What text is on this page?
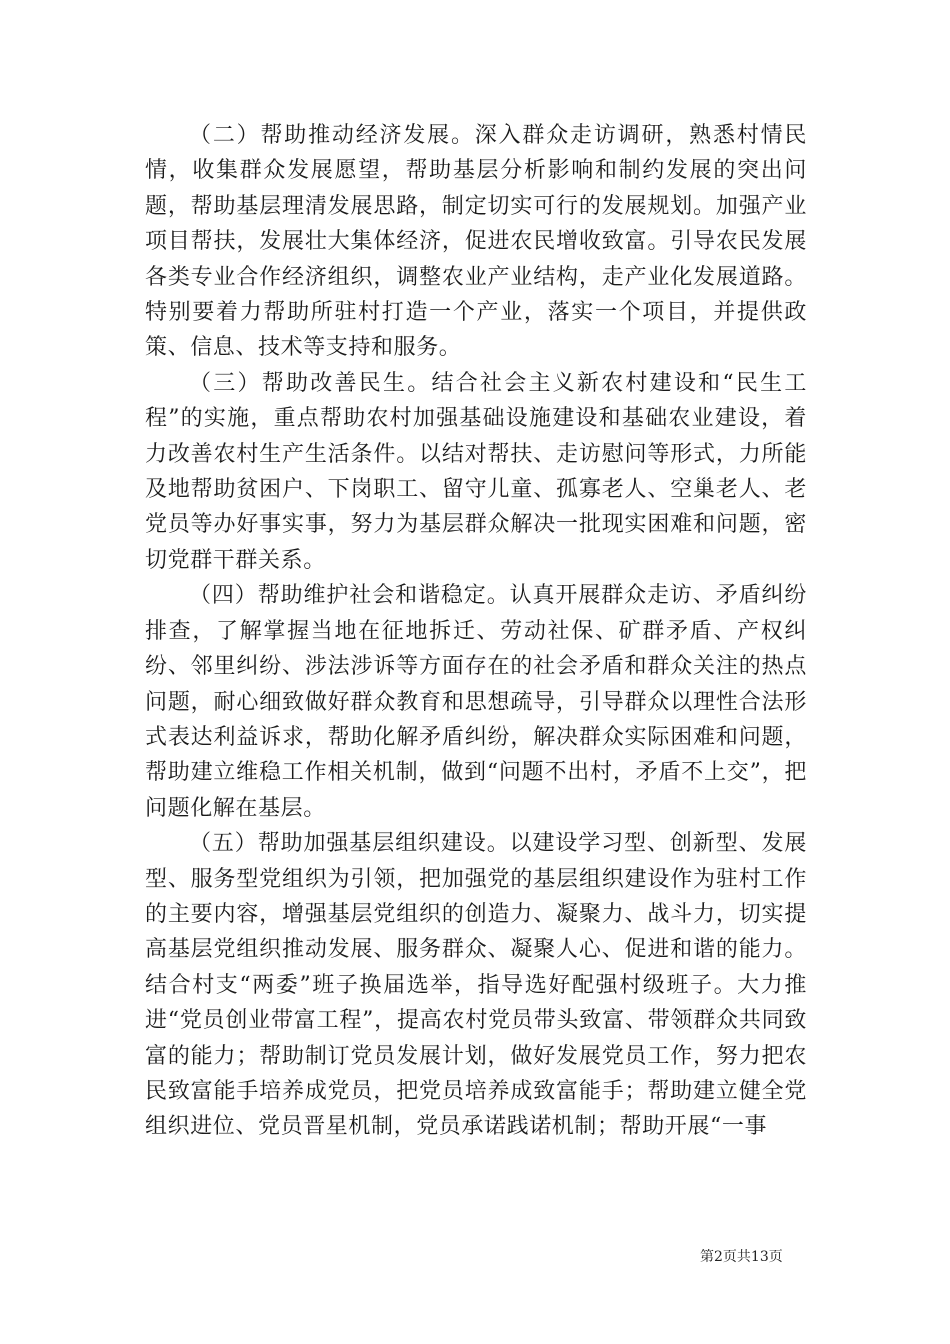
（二）帮助推动经济发展。深入群众走访调研，熟悉村情民情，收集群众发展愿望，帮助基层分析影响和制约发展的突出问题，帮助基层理清发展思路，制定切实可行的发展规划。加强产业项目帮扶，发展壮大集体经济，促进农民增收致富。引导农民发展各类专业合作经济组织，调整农业产业结构，走产业化发展道路。特别要着力帮助所驻村打造一个产业，落实一个项目，并提供政策、信息、技术等支持和服务。

（三）帮助改善民生。结合社会主义新农村建设和“民生工程”的实施，重点帮助农村加强基础设施建设和基础农业建设，着力改善农村生产生活条件。以结对帮扶、走访慰问等形式，力所能及地帮助贫困户、下岗职工、留守儿童、孤寡老人、空巢老人、老党员等办好事实事，努力为基层群众解决一批现实困难和问题，密切党群干群关系。

（四）帮助维护社会和谐稳定。认真开展群众走访、矛盾纠纷排查，了解掌握当地在征地拆迁、劳动社保、矿群矛盾、产权纠纷、邻里纠纷、涉法涉诉等方面存在的社会矛盾和群众关注的热点问题，耐心细致做好群众教育和思想疏导，引导群众以理性合法形式表达利益诉求，帮助化解矛盾纠纷，解决群众实际困难和问题，帮助建立维稳工作相关机制，做到“问题不出村，矛盾不上交”，把问题化解在基层。

（五）帮助加强基层组织建设。以建设学习型、创新型、发展型、服务型党组织为引领，把加强党的基层组织建设作为驻村工作的主要内容，增强基层党组织的创造力、凝聚力、战斗力，切实提高基层党组织推动发展、服务群众、凝聚人心、促进和谐的能力。结合村支“两委”班子换届选举，指导选好配强村级班子。大力推进“党员创业带富工程”，提高农村党员带头致富、带领群众共同致富的能力；帮助制订党员发展计划，做好发展党员工作，努力把农民致富能手培养成党员，把党员培养成致富能手；帮助建立健全党组织进位、党员晋星机制，党员承诺践诺机制；帮助开展“一事

第2页共13页
